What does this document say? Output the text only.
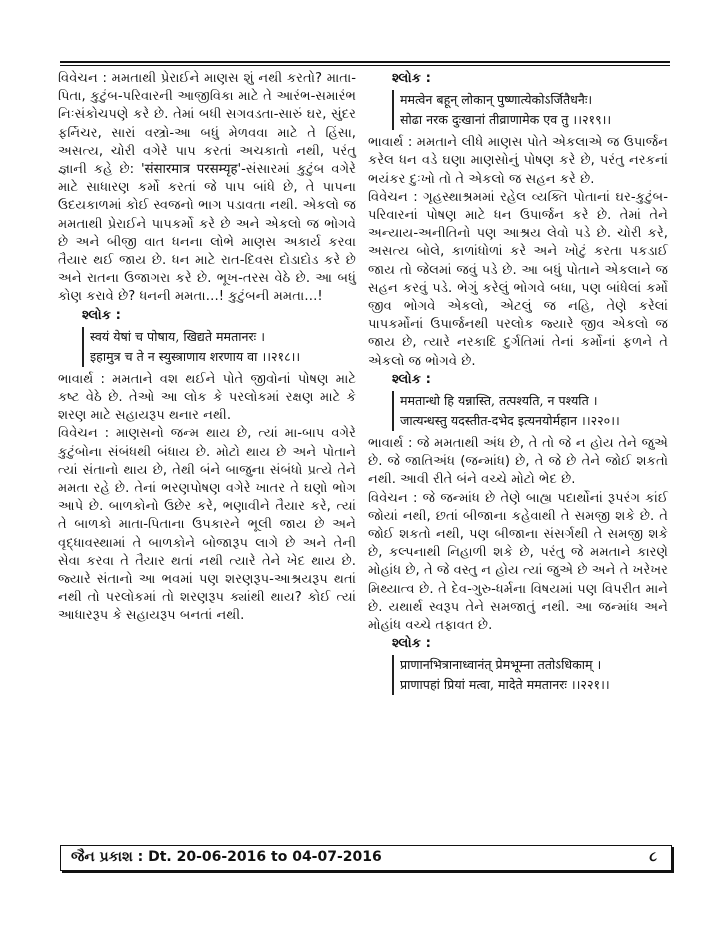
વિવેચન : મમતાથી પ્રેરાઈને માણસ શું નથી કરતો? માતા-પિતા, કુટુંબ-પરિવારની આજીવિકા માટે તે આરંભ-સમારંભ નિઃસંકોચપણે કરે છે. તેમાં બધી સગવડતા-સારું ઘર, સુંદર ફર્નિચર, સારાં વસ્ત્રો-આ બધું મેળવવા માટે તે હિંસા, અસત્ય, ચોરી વગેરે પાપ કરતાં અચકાતો નથી, પરંતુ જ્ઞાની કહે છે: 'संसारमात्र परसम्यृह'-સંસારમાં કુટુંબ વગેરે માટે સાધારણ કર્મો કરતાં જે પાપ બાંધે છે, તે પાપના ઉદયકાળમાં કોઈ સ્વજનો ભાગ પડાવતા નથી. એકલો જ મમતાથી પ્રેરાઈને પાપકર્મો કરે છે અને એકલો જ ભોગવે છે અને બીજી વાત ધનના લોભે માણસ અકાર્ય કરવા તૈયાર થઈ જાય છે. ધન માટે રાત-દિવસ દોડાદોડ કરે છે અને રાતના ઉજાગરા કરે છે. ભૂખ-તરસ વેઠે છે. આ બધું કોણ કરાવે છે? ધનની મમતા…! કુટુંબની મમતા…!

શ્લોક :
स्वयं येषां च पोषाय, खिद्यते ममतानरः ।
इहामुत्र च ते न स्युस्त्राणाय शरणाय वा ।।२१८।।

ભાવાર્થ : મમતાને વશ થઈને પોતે જીવોનાં પોષણ માટે કષ્ટ વેઠે છે. તેઓ આ લોક કે પરલોકમાં રક્ષણ માટે કે શરણ માટે સહાયરૂપ થનાર નથી.

વિવેચન : માણસનો જન્મ થાય છે, ત્યાં મા-બાપ વગેરે કુટુંબોના સંબંધથી બંધાય છે. મોટો થાય છે અને પોતાને ત્યાં સંતાનો થાય છે, તેથી બંને બાજુના સંબંધો પ્રત્યે તેને મમતા રહે છે. તેનાં ભરણપોષણ વગેરે ખાતર તે ઘણો ભોગ આપે છે. બાળકોનો ઉછેર કરે, ભણાવીને તૈયાર કરે, ત્યાં તે બાળકો માતા-પિતાના ઉપકારને ભૂલી જાય છે અને વૃદ્ધાવસ્થામાં તે બાળકોને બોજારૂપ લાગે છે અને તેની સેવા કરવા તે તૈયાર થતાં નથી ત્યારે તેને ખેદ થાય છે. જ્યારે સંતાનો આ ભવમાં પણ શરણરૂપ-આશ્રયરૂપ થતાં નથી તો પરલોકમાં તો શરણરૂપ ક્યાંથી થાય? કોઈ ત્યાં આધારરૂપ કે સહાયરૂપ બનતાં નથી.

શ્લોક :
ममत्वेन बहून् लोकान् पुष्णात्येकोऽर्जितैधनैः।
सोढा नरक दुःखानां तीव्राणामेक एव तु ।।२१९।।

ભાવાર્થ : મમતાને લીધે માણસ પોતે એકલાએ જ ઉપાર્જન કરેલ ધન વડે ઘણા માણસોનું પોષણ કરે છે, પરંતુ નરકનાં ભયંકર દુઃખો તો તે એકલો જ સહન કરે છે.

વિવેચન : ગૃહસ્થાશ્રમમાં રહેલ વ્યક્તિ પોતાનાં ઘર-કુટુંબ-પરિવારનાં પોષણ માટે ધન ઉપાર્જન કરે છે. તેમાં તેને અન્યાય-અનીતિનો પણ આશ્રય લેવો પડે છે. ચોરી કરે, અસત્ય બોલે, કાળાંધોળાં કરે અને ખોટું કરતા પકડાઈ જાય તો જેલમાં જવું પડે છે. આ બધું પોતાને એકલાને જ સહન કરવું પડે. ભેગું કરેલું ભોગવે બધા, પણ બાંધેલાં કર્મો જીવ ભોગવે એકલો, એટલું જ નહિ, તેણે કરેલાં પાપકર્મોનાં ઉપાર્જનથી પરલોક જ્યારે જીવ એકલો જ જાય છે, ત્યારે નરકાદિ દુર્ગતિમાં તેનાં કર્મોનાં ફળને તે એકલો જ ભોગવે છે.

શ્લોક :
ममतान्धो हि यन्नास्ति, तत्पश्यति, न पश्यति ।
जात्यन्धस्तु यदस्तीत-दभेद इत्यनयोर्महान ।।२२०।।

ભાવાર્થ : જે મમતાથી અંધ છે, તે તો જે ન હોય તેને જુએ છે. જે જાતિઅંધ (જન્માંધ) છે, તે જે છે તેને જોઈ શકતો નથી. આવી રીતે બંને વચ્ચે મોટો ભેદ છે.

વિવેચન : જે જન્માંધ છે તેણે બાહ્ય પદાર્થોનાં રૂપરંગ કાંઈ જોયાં નથી, છતાં બીજાના કહેવાથી તે સમજી શકે છે. તે જોઈ શકતો નથી, પણ બીજાના સંસર્ગથી તે સમજી શકે છે, કલ્પનાથી નિહાળી શકે છે, પરંતુ જે મમતાને કારણે મોહાંધ છે, તે જે વસ્તુ ન હોય ત્યાં જુએ છે અને તે ખરેખર મિથ્યાત્વ છે. તે દેવ-ગુરુ-ધર્મના વિષયમાં પણ વિપરીત માને છે. યથાર્થ સ્વરૂપ તેને સમજાતું નથી. આ જન્માંધ અને મોહાંધ વચ્ચે તફાવત છે.

શ્લોક :
प्राणानभित्रानाध्वानंत् प्रेमभूम्ना ततोऽधिकाम् ।
प्राणापहां प्रियां मत्वा, मादेते ममतानरः ।।२२१।।
જૈન પ્રકાશ : Dt. 20-06-2016 to 04-07-2016	૮
